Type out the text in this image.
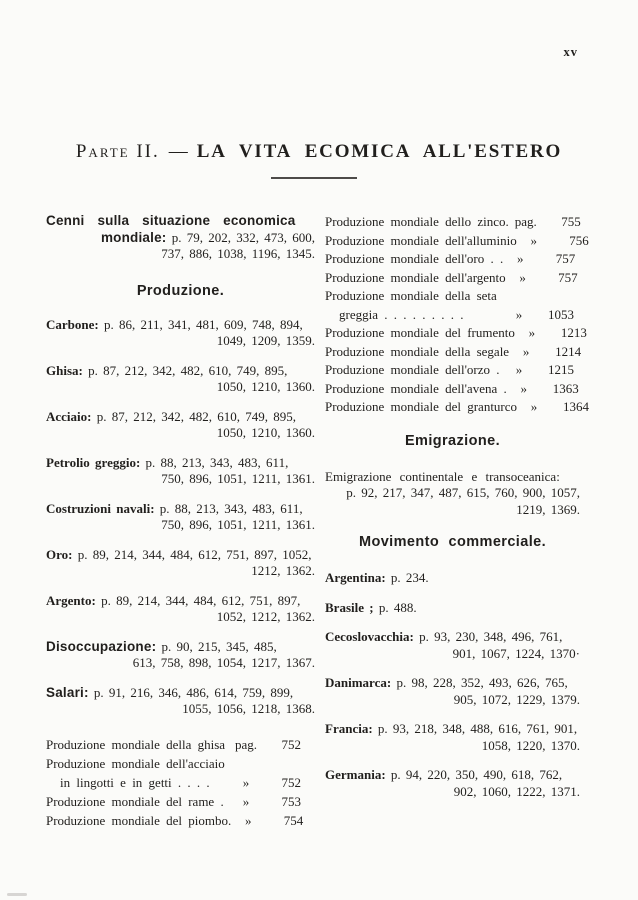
xv
Parte II. — LA VITA ECOMICA ALL'ESTERO
Cenni sulla situazione economica
mondiale: p. 79, 202, 332, 473, 600,
737, 886, 1038, 1196, 1345.
Produzione.
Carbone: p. 86, 211, 341, 481, 609, 748, 894,
1049, 1209, 1359.
Ghisa: p. 87, 212, 342, 482, 610, 749, 895,
1050, 1210, 1360.
Acciaio: p. 87, 212, 342, 482, 610, 749, 895,
1050, 1210, 1360.
Petrolio greggio: p. 88, 213, 343, 483, 611,
750, 896, 1051, 1211, 1361.
Costruzioni navali: p. 88, 213, 343, 483, 611,
750, 896, 1051, 1211, 1361.
Oro: p. 89, 214, 344, 484, 612, 751, 897, 1052,
1212, 1362.
Argento: p. 89, 214, 344, 484, 612, 751, 897,
1052, 1212, 1362.
Disoccupazione: p. 90, 215, 345, 485,
613, 758, 898, 1054, 1217, 1367.
Salari: p. 91, 216, 346, 486, 614, 759, 899,
1055, 1056, 1218, 1368.
Produzione mondiale della ghisa pag.	752
Produzione mondiale dell'acciaio
in lingotti e in getti . . . .	»	752
Produzione mondiale del rame .	»	753
Produzione mondiale del piombo.	»	754
Produzione mondiale dello zinco. pag.	755
Produzione mondiale dell'alluminio	»	756
Produzione mondiale dell'oro . .	»	757
Produzione mondiale dell'argento	»	757
Produzione mondiale della seta
greggia . . . . . . . . .	»	1053
Produzione mondiale del frumento	»	1213
Produzione mondiale della segale	»	1214
Produzione mondiale dell'orzo .	»	1215
Produzione mondiale dell'avena .	»	1363
Produzione mondiale del granturco	»	1364
Emigrazione.
Emigrazione continentale e transoceanica:
p. 92, 217, 347, 487, 615, 760, 900, 1057,
1219, 1369.
Movimento commerciale.
Argentina: p. 234.
Brasile ; p. 488.
Cecoslovacchia: p. 93, 230, 348, 496, 761,
901, 1067, 1224, 1370·
Danimarca: p. 98, 228, 352, 493, 626, 765,
905, 1072, 1229, 1379.
Francia: p. 93, 218, 348, 488, 616, 761, 901,
1058, 1220, 1370.
Germania: p. 94, 220, 350, 490, 618, 762,
902, 1060, 1222, 1371.
